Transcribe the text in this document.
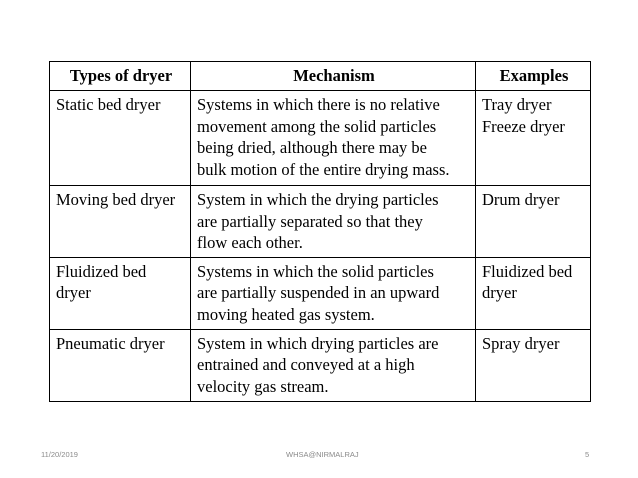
Types of dryer	Mechanism	Examples

Static bed dryer	Systems in which there is no relative
movement among the solid particles
being dried, although there may be
bulk motion of the entire drying mass.	Tray dryer
Freeze dryer

Moving bed dryer	System in which the drying particles
are partially separated so that they
flow each other.	Drum dryer

Fluidized bed
dryer	Systems in which the solid particles
are partially suspended in an upward
moving heated gas system.	Fluidized bed
dryer

Pneumatic dryer	System in which drying particles are
entrained and conveyed at a high
velocity gas stream.	Spray dryer
11/20/2019	WHSA@NIRMALRAJ	5
